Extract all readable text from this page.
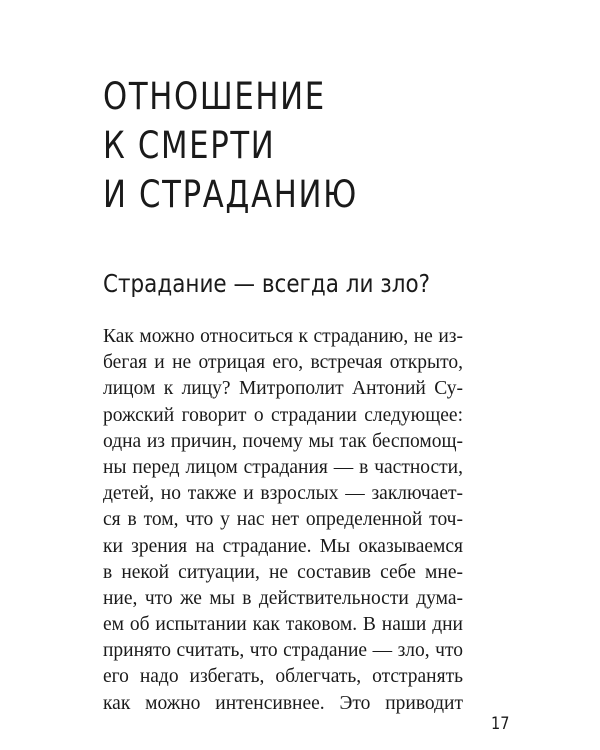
ОТНОШЕНИЕ
К СМЕРТИ
И СТРАДАНИЮ
Страдание — всегда ли зло?
Как можно относиться к страданию, не из-
бегая и не отрицая его, встречая открыто,
лицом к лицу? Митрополит Антоний Су-
рожский говорит о страдании следующее:
одна из причин, почему мы так беспомощ-
ны перед лицом страдания — в частности,
детей, но также и взрослых — заключает-
ся в том, что у нас нет определенной точ-
ки зрения на страдание. Мы оказываемся
в некой ситуации, не составив себе мне-
ние, что же мы в действительности дума-
ем об испытании как таковом. В наши дни
принято считать, что страдание — зло, что
его надо избегать, облегчать, отстранять
как можно интенсивнее. Это приводит
17
